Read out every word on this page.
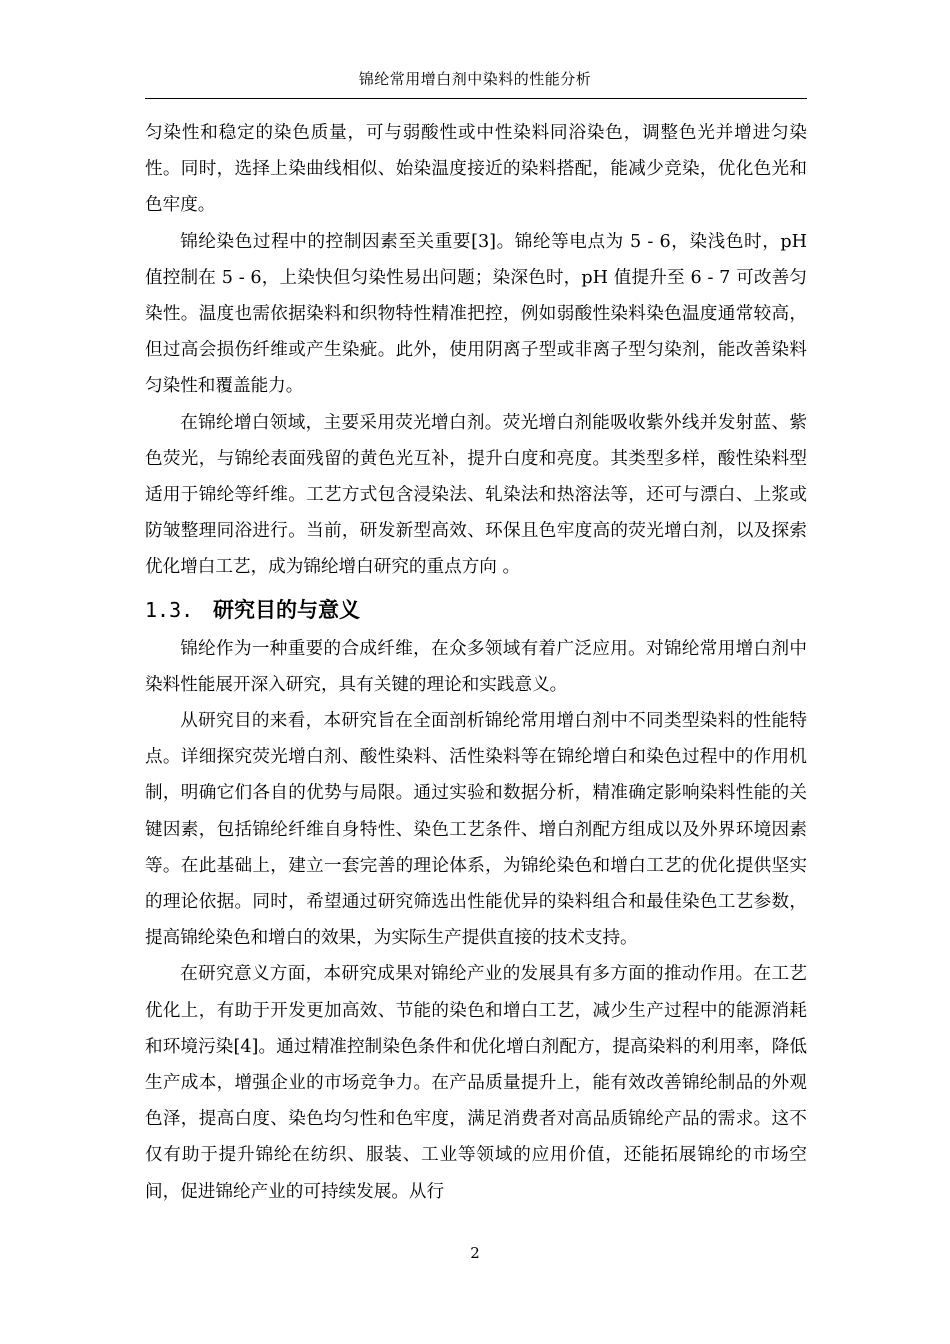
锦纶常用增白剂中染料的性能分析

匀染性和稳定的染色质量，可与弱酸性或中性染料同浴染色，调整色光并增进匀染性。同时，选择上染曲线相似、始染温度接近的染料搭配，能减少竞染，优化色光和色牢度。

锦纶染色过程中的控制因素至关重要[3]。锦纶等电点为 5 - 6，染浅色时，pH 值控制在 5 - 6，上染快但匀染性易出问题；染深色时，pH 值提升至 6 - 7 可改善匀染性。温度也需依据染料和织物特性精准把控，例如弱酸性染料染色温度通常较高，但过高会损伤纤维或产生染疵。此外，使用阴离子型或非离子型匀染剂，能改善染料匀染性和覆盖能力。

在锦纶增白领域，主要采用荧光增白剂。荧光增白剂能吸收紫外线并发射蓝、紫色荧光，与锦纶表面残留的黄色光互补，提升白度和亮度。其类型多样，酸性染料型适用于锦纶等纤维。工艺方式包含浸染法、轧染法和热溶法等，还可与漂白、上浆或防皱整理同浴进行。当前，研发新型高效、环保且色牢度高的荧光增白剂，以及探索优化增白工艺，成为锦纶增白研究的重点方向 。

1.3. 研究目的与意义

锦纶作为一种重要的合成纤维，在众多领域有着广泛应用。对锦纶常用增白剂中染料性能展开深入研究，具有关键的理论和实践意义。

从研究目的来看，本研究旨在全面剖析锦纶常用增白剂中不同类型染料的性能特点。详细探究荧光增白剂、酸性染料、活性染料等在锦纶增白和染色过程中的作用机制，明确它们各自的优势与局限。通过实验和数据分析，精准确定影响染料性能的关键因素，包括锦纶纤维自身特性、染色工艺条件、增白剂配方组成以及外界环境因素等。在此基础上，建立一套完善的理论体系，为锦纶染色和增白工艺的优化提供坚实的理论依据。同时，希望通过研究筛选出性能优异的染料组合和最佳染色工艺参数，提高锦纶染色和增白的效果，为实际生产提供直接的技术支持。

在研究意义方面，本研究成果对锦纶产业的发展具有多方面的推动作用。在工艺优化上，有助于开发更加高效、节能的染色和增白工艺，减少生产过程中的能源消耗和环境污染[4]。通过精准控制染色条件和优化增白剂配方，提高染料的利用率，降低生产成本，增强企业的市场竞争力。在产品质量提升上，能有效改善锦纶制品的外观色泽，提高白度、染色均匀性和色牢度，满足消费者对高品质锦纶产品的需求。这不仅有助于提升锦纶在纺织、服装、工业等领域的应用价值，还能拓展锦纶的市场空间，促进锦纶产业的可持续发展。从行

2
